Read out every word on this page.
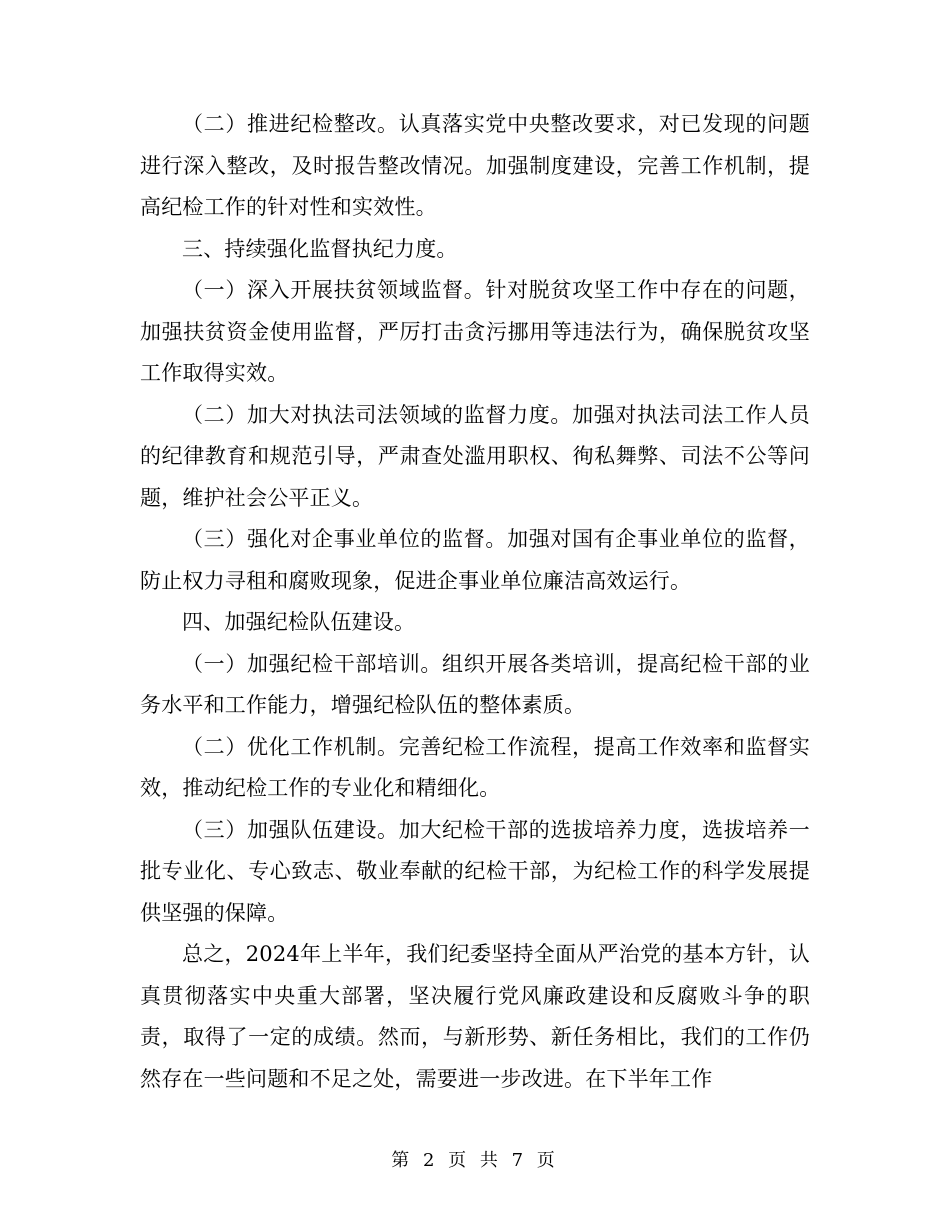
（二）推进纪检整改。认真落实党中央整改要求，对已发现的问题进行深入整改，及时报告整改情况。加强制度建设，完善工作机制，提高纪检工作的针对性和实效性。

三、持续强化监督执纪力度。

（一）深入开展扶贫领域监督。针对脱贫攻坚工作中存在的问题，加强扶贫资金使用监督，严厉打击贪污挪用等违法行为，确保脱贫攻坚工作取得实效。

（二）加大对执法司法领域的监督力度。加强对执法司法工作人员的纪律教育和规范引导，严肃查处滥用职权、徇私舞弊、司法不公等问题，维护社会公平正义。

（三）强化对企事业单位的监督。加强对国有企事业单位的监督，防止权力寻租和腐败现象，促进企事业单位廉洁高效运行。

四、加强纪检队伍建设。

（一）加强纪检干部培训。组织开展各类培训，提高纪检干部的业务水平和工作能力，增强纪检队伍的整体素质。

（二）优化工作机制。完善纪检工作流程，提高工作效率和监督实效，推动纪检工作的专业化和精细化。

（三）加强队伍建设。加大纪检干部的选拔培养力度，选拔培养一批专业化、专心致志、敬业奉献的纪检干部，为纪检工作的科学发展提供坚强的保障。

总之，2024年上半年，我们纪委坚持全面从严治党的基本方针，认真贯彻落实中央重大部署，坚决履行党风廉政建设和反腐败斗争的职责，取得了一定的成绩。然而，与新形势、新任务相比，我们的工作仍然存在一些问题和不足之处，需要进一步改进。在下半年工作

第 2 页 共 7 页
